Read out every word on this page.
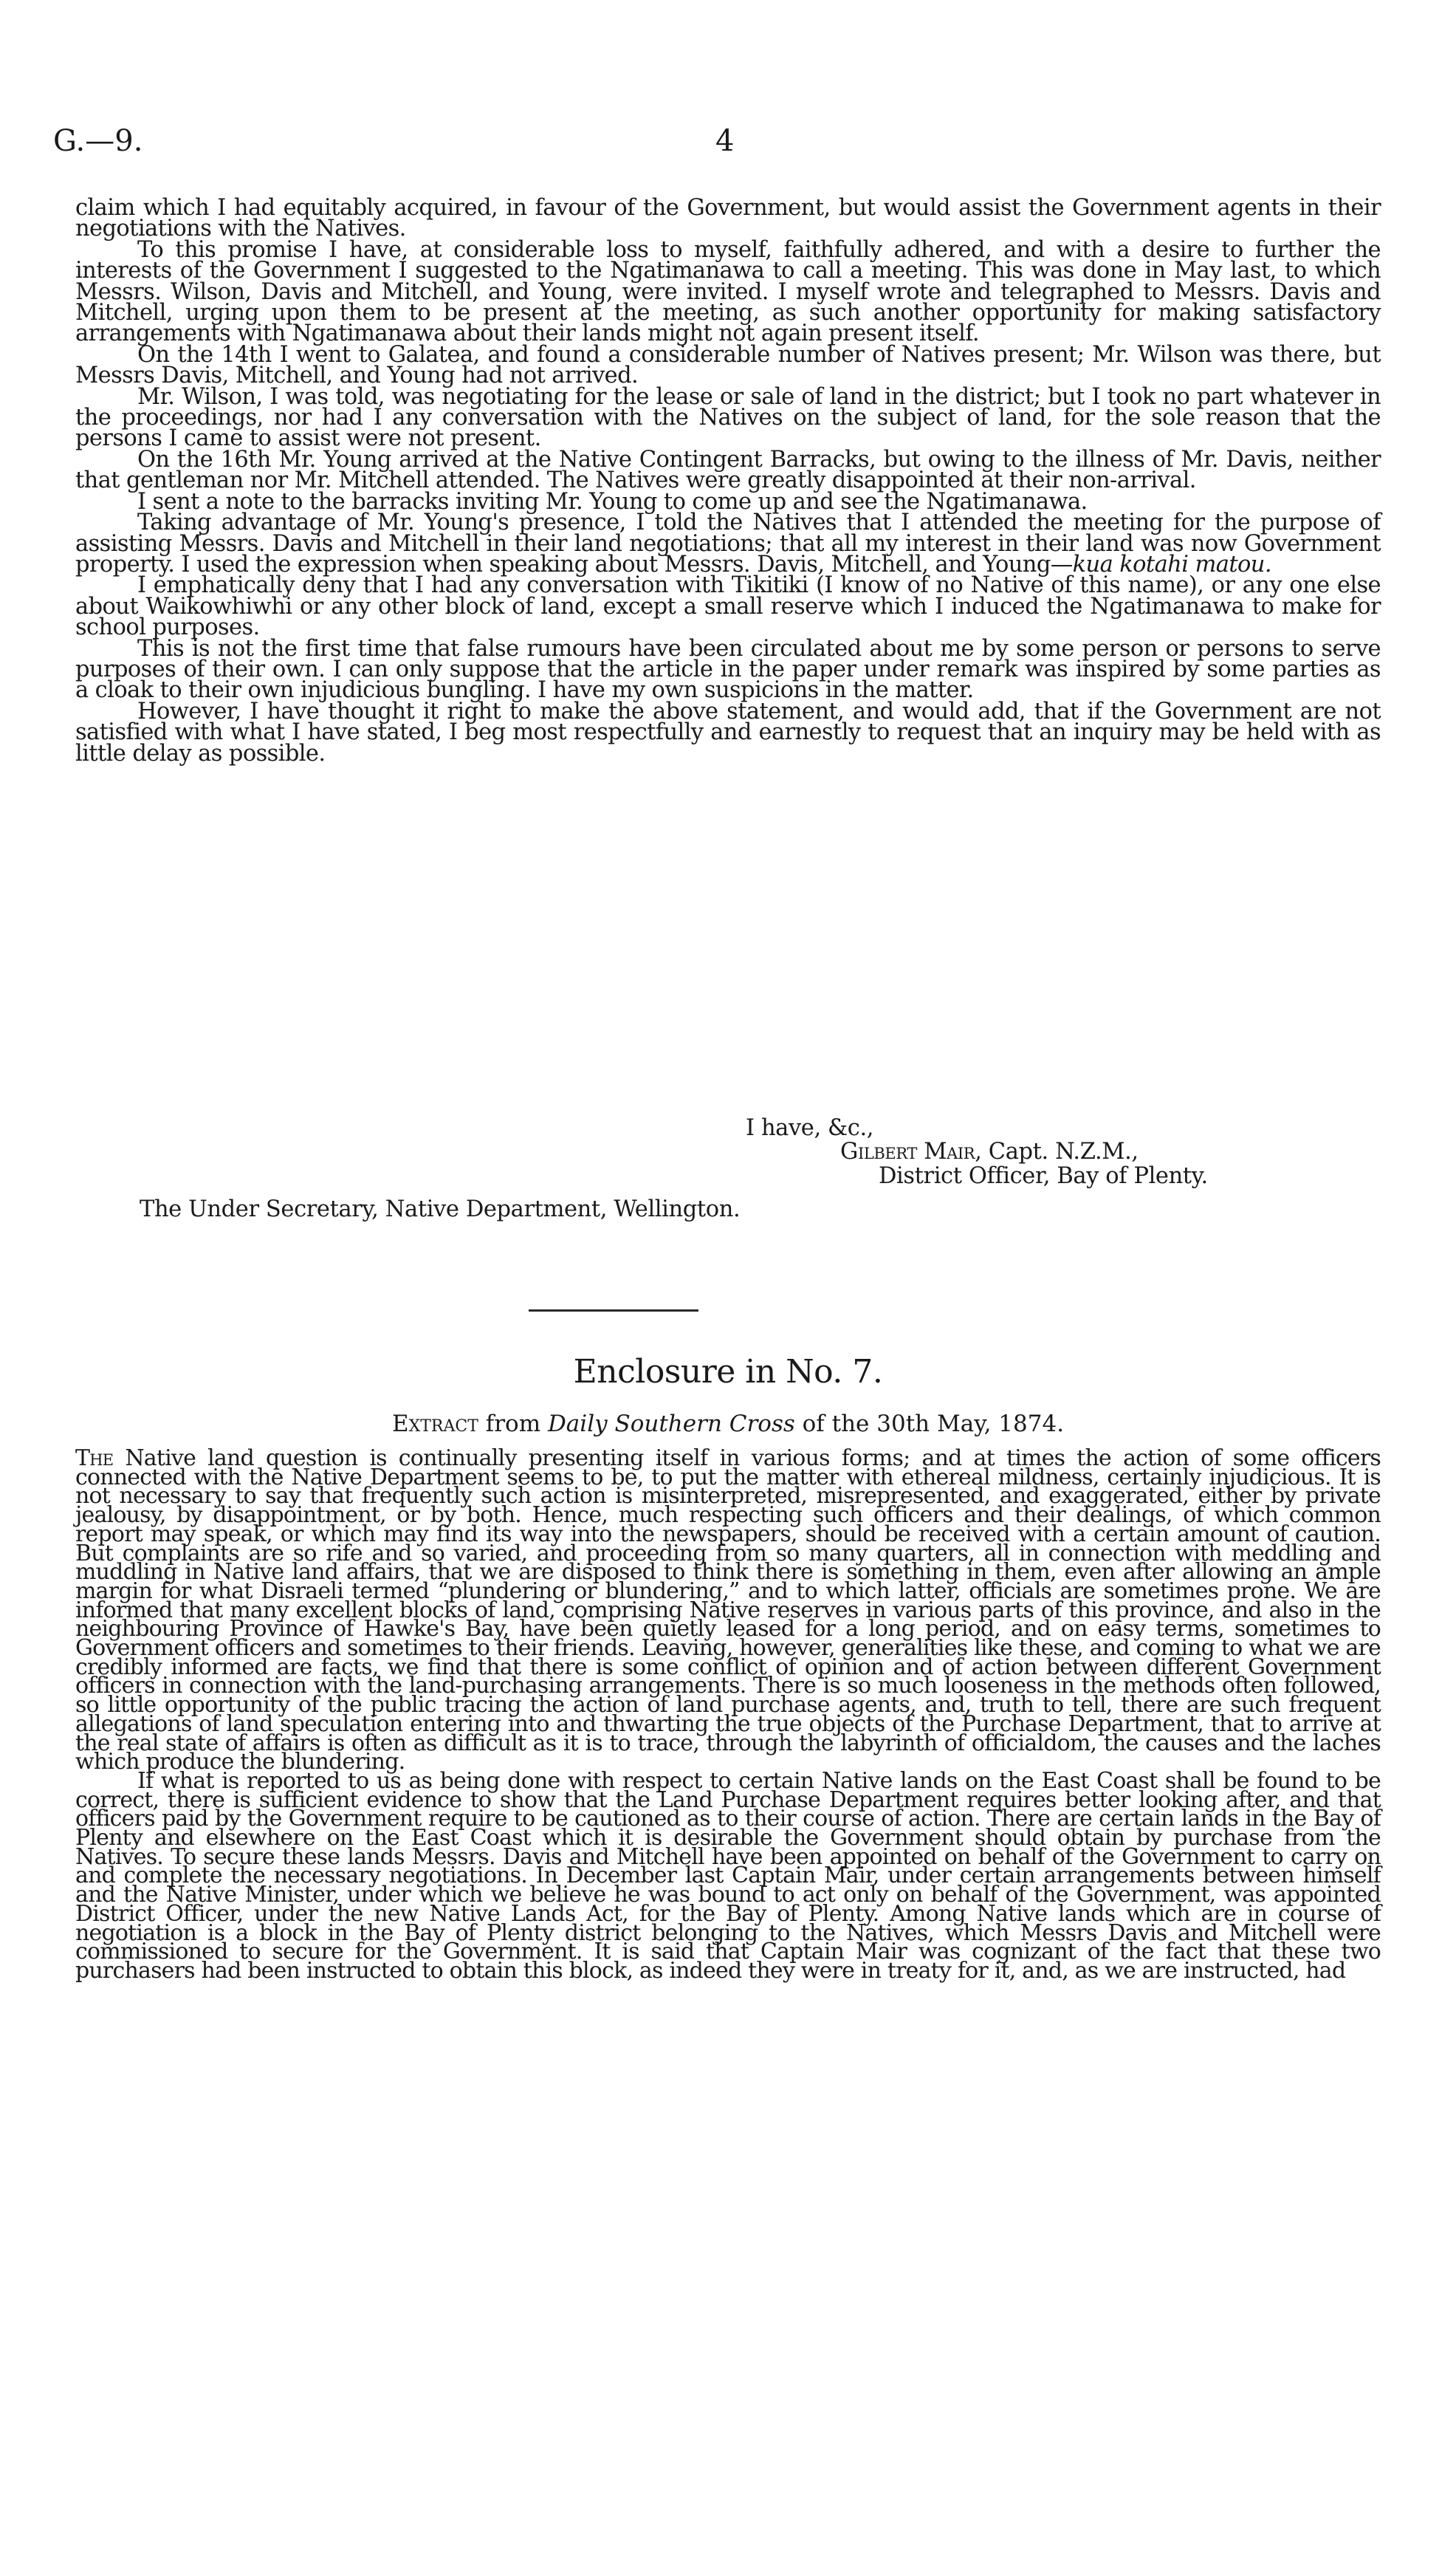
G.—9.	4

claim which I had equitably acquired, in favour of the Government, but would assist the Government agents in their negotiations with the Natives.

To this promise I have, at considerable loss to myself, faithfully adhered, and with a desire to further the interests of the Government I suggested to the Ngatimanawa to call a meeting. This was done in May last, to which Messrs. Wilson, Davis and Mitchell, and Young, were invited. I myself wrote and telegraphed to Messrs. Davis and Mitchell, urging upon them to be present at the meeting, as such another opportunity for making satisfactory arrangements with Ngatimanawa about their lands might not again present itself.

On the 14th I went to Galatea, and found a considerable number of Natives present; Mr. Wilson was there, but Messrs Davis, Mitchell, and Young had not arrived.

Mr. Wilson, I was told, was negotiating for the lease or sale of land in the district; but I took no part whatever in the proceedings, nor had I any conversation with the Natives on the subject of land, for the sole reason that the persons I came to assist were not present.

On the 16th Mr. Young arrived at the Native Contingent Barracks, but owing to the illness of Mr. Davis, neither that gentleman nor Mr. Mitchell attended. The Natives were greatly disappointed at their non-arrival.

I sent a note to the barracks inviting Mr. Young to come up and see the Ngatimanawa.

Taking advantage of Mr. Young's presence, I told the Natives that I attended the meeting for the purpose of assisting Messrs. Davis and Mitchell in their land negotiations; that all my interest in their land was now Government property. I used the expression when speaking about Messrs. Davis, Mitchell, and Young—kua kotahi matou.

I emphatically deny that I had any conversation with Tikitiki (I know of no Native of this name), or any one else about Waikowhiwhi or any other block of land, except a small reserve which I induced the Ngatimanawa to make for school purposes.

This is not the first time that false rumours have been circulated about me by some person or persons to serve purposes of their own. I can only suppose that the article in the paper under remark was inspired by some parties as a cloak to their own injudicious bungling. I have my own suspicions in the matter.

However, I have thought it right to make the above statement, and would add, that if the Government are not satisfied with what I have stated, I beg most respectfully and earnestly to request that an inquiry may be held with as little delay as possible.

I have, &c.,
Gilbert Mair, Capt. N.Z.M.,
District Officer, Bay of Plenty.
The Under Secretary, Native Department, Wellington.
Enclosure in No. 7.
Extract from Daily Southern Cross of the 30th May, 1874.

The Native land question is continually presenting itself in various forms; and at times the action of some officers connected with the Native Department seems to be, to put the matter with ethereal mildness, certainly injudicious. It is not necessary to say that frequently such action is misinterpreted, misrepresented, and exaggerated, either by private jealousy, by disappointment, or by both. Hence, much respecting such officers and their dealings, of which common report may speak, or which may find its way into the newspapers, should be received with a certain amount of caution. But complaints are so rife and so varied, and proceeding from so many quarters, all in connection with meddling and muddling in Native land affairs, that we are disposed to think there is something in them, even after allowing an ample margin for what Disraeli termed “plundering or blundering,” and to which latter, officials are sometimes prone. We are informed that many excellent blocks of land, comprising Native reserves in various parts of this province, and also in the neighbouring Province of Hawke's Bay, have been quietly leased for a long period, and on easy terms, sometimes to Government officers and sometimes to their friends. Leaving, however, generalities like these, and coming to what we are credibly informed are facts, we find that there is some conflict of opinion and of action between different Government officers in connection with the land-purchasing arrangements. There is so much looseness in the methods often followed, so little opportunity of the public tracing the action of land purchase agents, and, truth to tell, there are such frequent allegations of land speculation entering into and thwarting the true objects of the Purchase Department, that to arrive at the real state of affairs is often as difficult as it is to trace, through the labyrinth of officialdom, the causes and the laches which produce the blundering.

If what is reported to us as being done with respect to certain Native lands on the East Coast shall be found to be correct, there is sufficient evidence to show that the Land Purchase Department requires better looking after, and that officers paid by the Government require to be cautioned as to their course of action. There are certain lands in the Bay of Plenty and elsewhere on the East Coast which it is desirable the Government should obtain by purchase from the Natives. To secure these lands Messrs. Davis and Mitchell have been appointed on behalf of the Government to carry on and complete the necessary negotiations. In December last Captain Mair, under certain arrangements between himself and the Native Minister, under which we believe he was bound to act only on behalf of the Government, was appointed District Officer, under the new Native Lands Act, for the Bay of Plenty. Among Native lands which are in course of negotiation is a block in the Bay of Plenty district belonging to the Natives, which Messrs Davis and Mitchell were commissioned to secure for the Government. It is said that Captain Mair was cognizant of the fact that these two purchasers had been instructed to obtain this block, as indeed they were in treaty for it, and, as we are instructed, had
